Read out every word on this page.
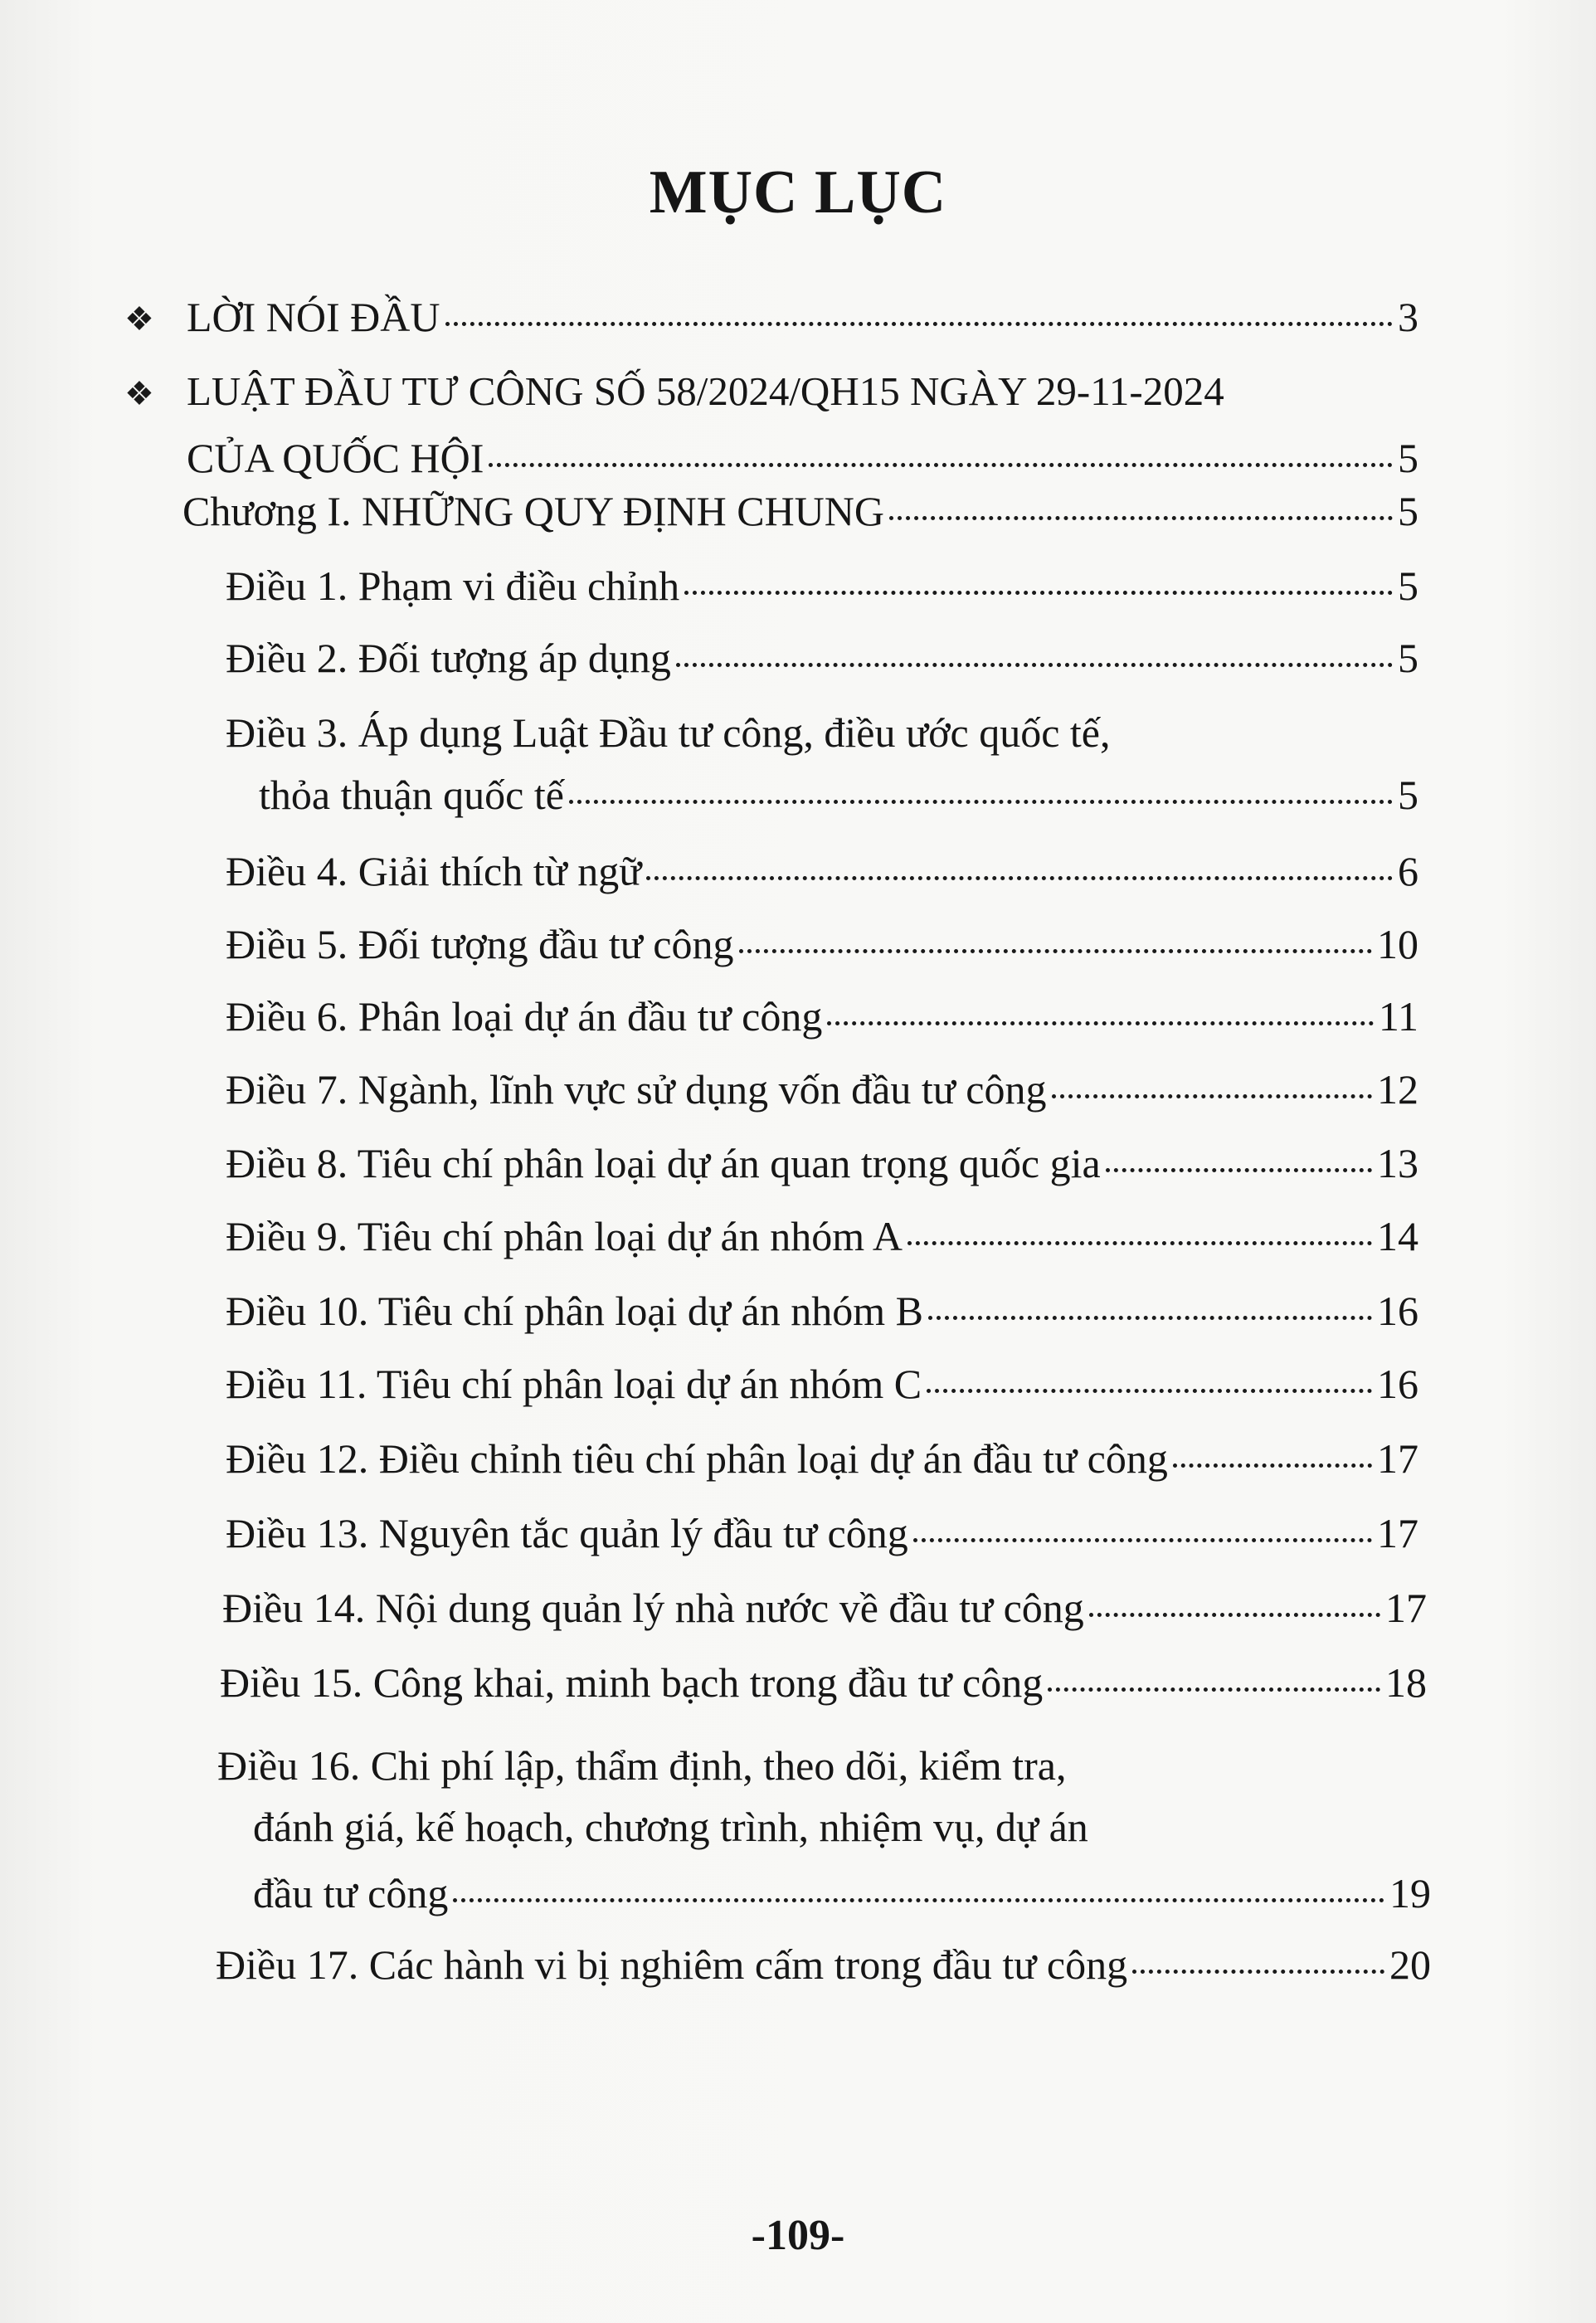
MỤC LỤC
❖ LỜI NÓI ĐẦU	3
❖ LUẬT ĐẦU TƯ CÔNG SỐ 58/2024/QH15 NGÀY 29-11-2024
CỦA QUỐC HỘI	5
Chương I. NHỮNG QUY ĐỊNH CHUNG	5
Điều 1. Phạm vi điều chỉnh	5
Điều 2. Đối tượng áp dụng	5
Điều 3. Áp dụng Luật Đầu tư công, điều ước quốc tế,
thỏa thuận quốc tế	5
Điều 4. Giải thích từ ngữ	6
Điều 5. Đối tượng đầu tư công	10
Điều 6. Phân loại dự án đầu tư công	11
Điều 7. Ngành, lĩnh vực sử dụng vốn đầu tư công	12
Điều 8. Tiêu chí phân loại dự án quan trọng quốc gia	13
Điều 9. Tiêu chí phân loại dự án nhóm A	14
Điều 10. Tiêu chí phân loại dự án nhóm B	16
Điều 11. Tiêu chí phân loại dự án nhóm C	16
Điều 12. Điều chỉnh tiêu chí phân loại dự án đầu tư công	17
Điều 13. Nguyên tắc quản lý đầu tư công	17
Điều 14. Nội dung quản lý nhà nước về đầu tư công	17
Điều 15. Công khai, minh bạch trong đầu tư công	18
Điều 16. Chi phí lập, thẩm định, theo dõi, kiểm tra,
đánh giá, kế hoạch, chương trình, nhiệm vụ, dự án
đầu tư công	19
Điều 17. Các hành vi bị nghiêm cấm trong đầu tư công	20
-109-
